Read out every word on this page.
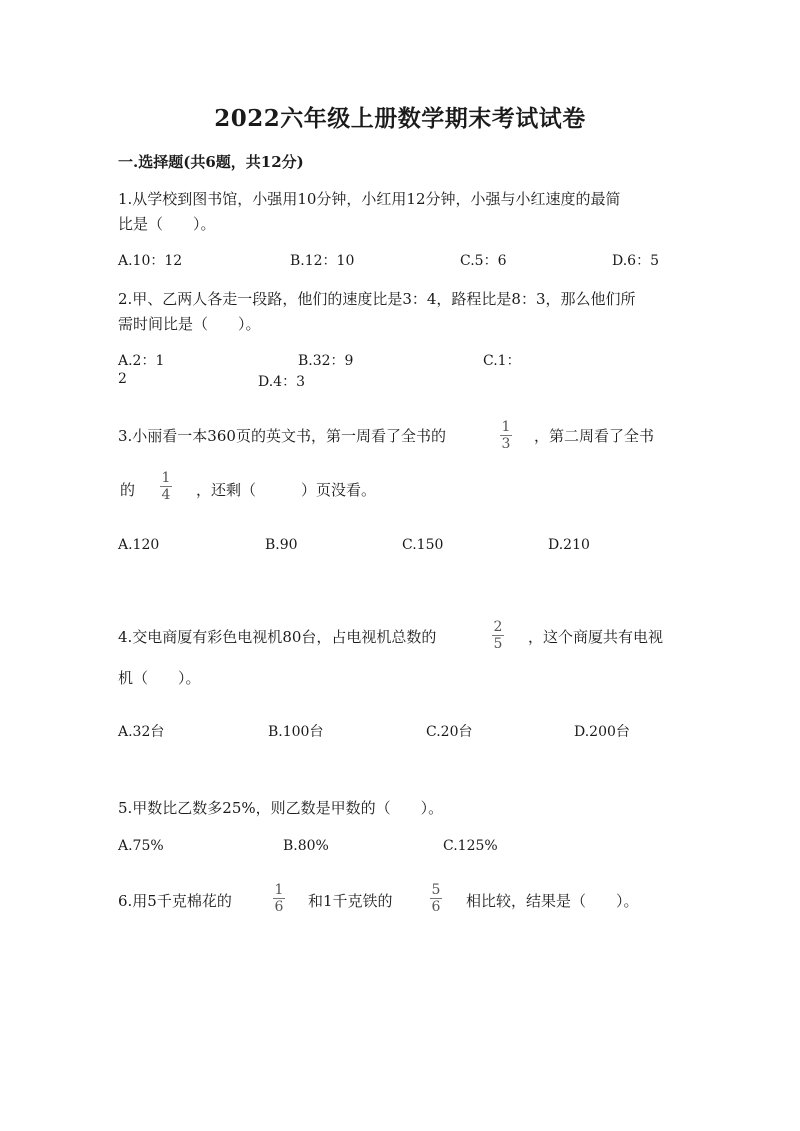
2022六年级上册数学期末考试试卷
一.选择题(共6题，共12分)
1.从学校到图书馆，小强用10分钟，小红用12分钟，小强与小红速度的最简
比是（　　）。
A.10：12	B.12：10	C.5：6	D.6：5
2.甲、乙两人各走一段路，他们的速度比是3：4，路程比是8：3，那么他们所
需时间比是（　　）。
A.2：1	B.32：9	C.1：
2	D.4：3
3.小丽看一本360页的英文书，第一周看了全书的	1
3 ，第二周看了全书
的
1
4 ，还剩（　　　）页没看。
A.120	B.90	C.150	D.210
4.交电商厦有彩色电视机80台，占电视机总数的
2
5 ，这个商厦共有电视
机（　　）。
A.32台	B.100台	C.20台	D.200台
5.甲数比乙数多25%，则乙数是甲数的（　　）。
A.75%	B.80%	C.125%
6.用5千克棉花的
1
6 和1千克铁的
5
6 相比较，结果是（　　）。
